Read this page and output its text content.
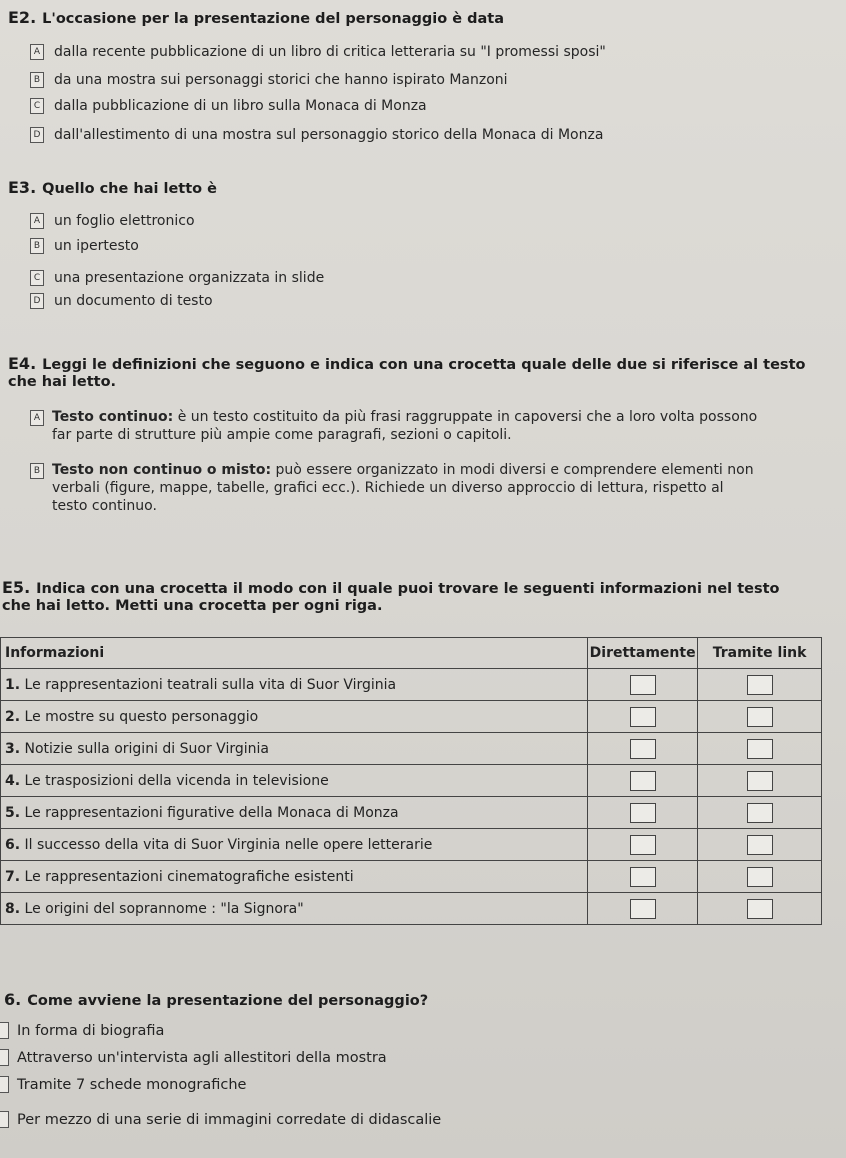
E2. L'occasione per la presentazione del personaggio è data
A dalla recente pubblicazione di un libro di critica letteraria su "I promessi sposi"
B da una mostra sui personaggi storici che hanno ispirato Manzoni
C dalla pubblicazione di un libro sulla Monaca di Monza
D dall'allestimento di una mostra sul personaggio storico della Monaca di Monza
E3. Quello che hai letto è
A un foglio elettronico
B un ipertesto
C una presentazione organizzata in slide
D un documento di testo
E4. Leggi le definizioni che seguono e indica con una crocetta quale delle due si riferisce al testo
che hai letto.
A Testo continuo: è un testo costituito da più frasi raggruppate in capoversi che a loro volta possono
far parte di strutture più ampie come paragrafi, sezioni o capitoli.
B Testo non continuo o misto: può essere organizzato in modi diversi e comprendere elementi non
verbali (figure, mappe, tabelle, grafici ecc.). Richiede un diverso approccio di lettura, rispetto al
testo continuo.
E5. Indica con una crocetta il modo con il quale puoi trovare le seguenti informazioni nel testo
che hai letto. Metti una crocetta per ogni riga.
Informazioni	Direttamente	Tramite link
1. Le rappresentazioni teatrali sulla vita di Suor Virginia		
2. Le mostre su questo personaggio		
3. Notizie sulla origini di Suor Virginia		
4. Le trasposizioni della vicenda in televisione		
5. Le rappresentazioni figurative della Monaca di Monza		
6. Il successo della vita di Suor Virginia nelle opere letterarie		
7. Le rappresentazioni cinematografiche esistenti		
8. Le origini del soprannome : "la Signora"		
6. Come avviene la presentazione del personaggio?
In forma di biografia
Attraverso un'intervista agli allestitori della mostra
Tramite 7 schede monografiche
Per mezzo di una serie di immagini corredate di didascalie
